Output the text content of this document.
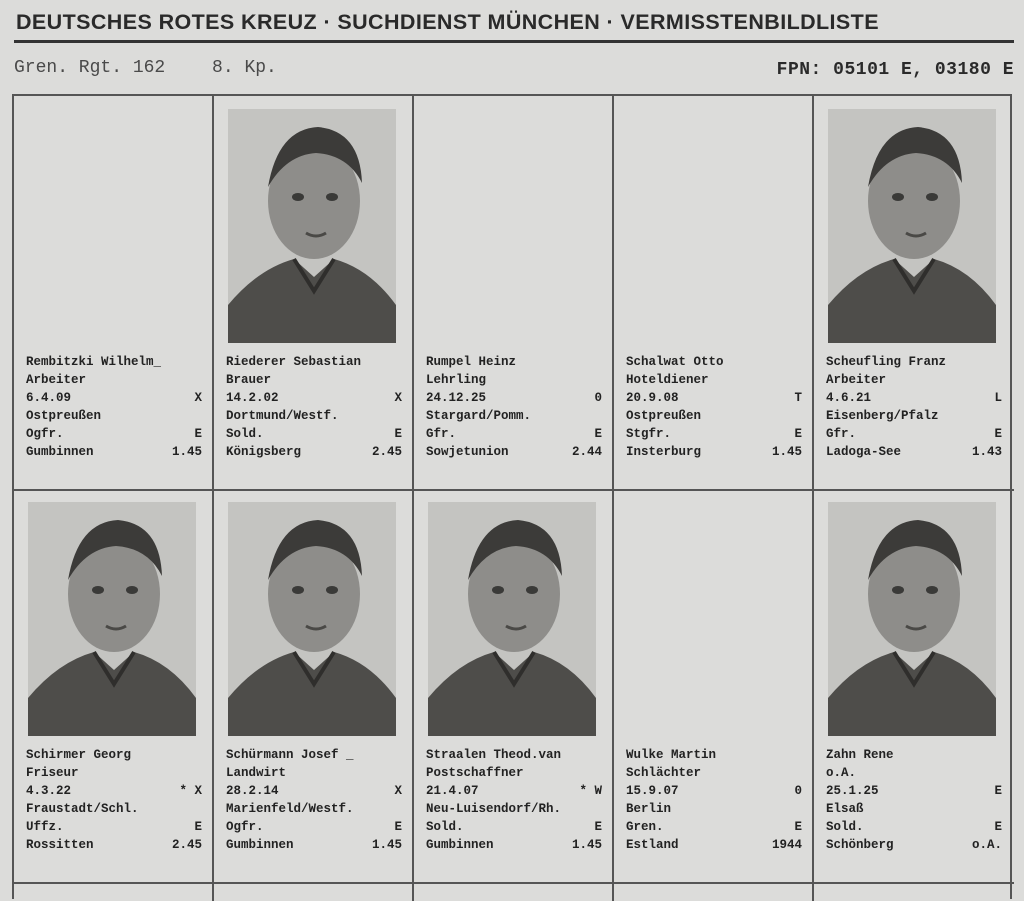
DEUTSCHES ROTES KREUZ · SUCHDIENST MÜNCHEN · VERMISSTENBILDLISTE
Gren. Rgt. 162	8. Kp.	FPN: 05101 E, 03180 E
Rembitzki Wilhelm_
Arbeiter
6.4.09	X
Ostpreußen
Ogfr.	E
Gumbinnen	1.45
Riederer Sebastian
Brauer
14.2.02	X
Dortmund/Westf.
Sold.	E
Königsberg	2.45
Rumpel Heinz
Lehrling
24.12.25	0
Stargard/Pomm.
Gfr.	E
Sowjetunion	2.44
Schalwat Otto
Hoteldiener
20.9.08	T
Ostpreußen
Stgfr.	E
Insterburg	1.45
Scheufling Franz
Arbeiter
4.6.21	L
Eisenberg/Pfalz
Gfr.	E
Ladoga-See	1.43
Schirmer Georg
Friseur
4.3.22	* X
Fraustadt/Schl.
Uffz.	E
Rossitten	2.45
Schürmann Josef _
Landwirt
28.2.14	X
Marienfeld/Westf.
Ogfr.	E
Gumbinnen	1.45
Straalen Theod.van
Postschaffner
21.4.07	* W
Neu-Luisendorf/Rh.
Sold.	E
Gumbinnen	1.45
Wulke Martin
Schlächter
15.9.07	0
Berlin
Gren.	E
Estland	1944
Zahn Rene
o.A.
25.1.25	E
Elsaß
Sold.	E
Schönberg	o.A.
